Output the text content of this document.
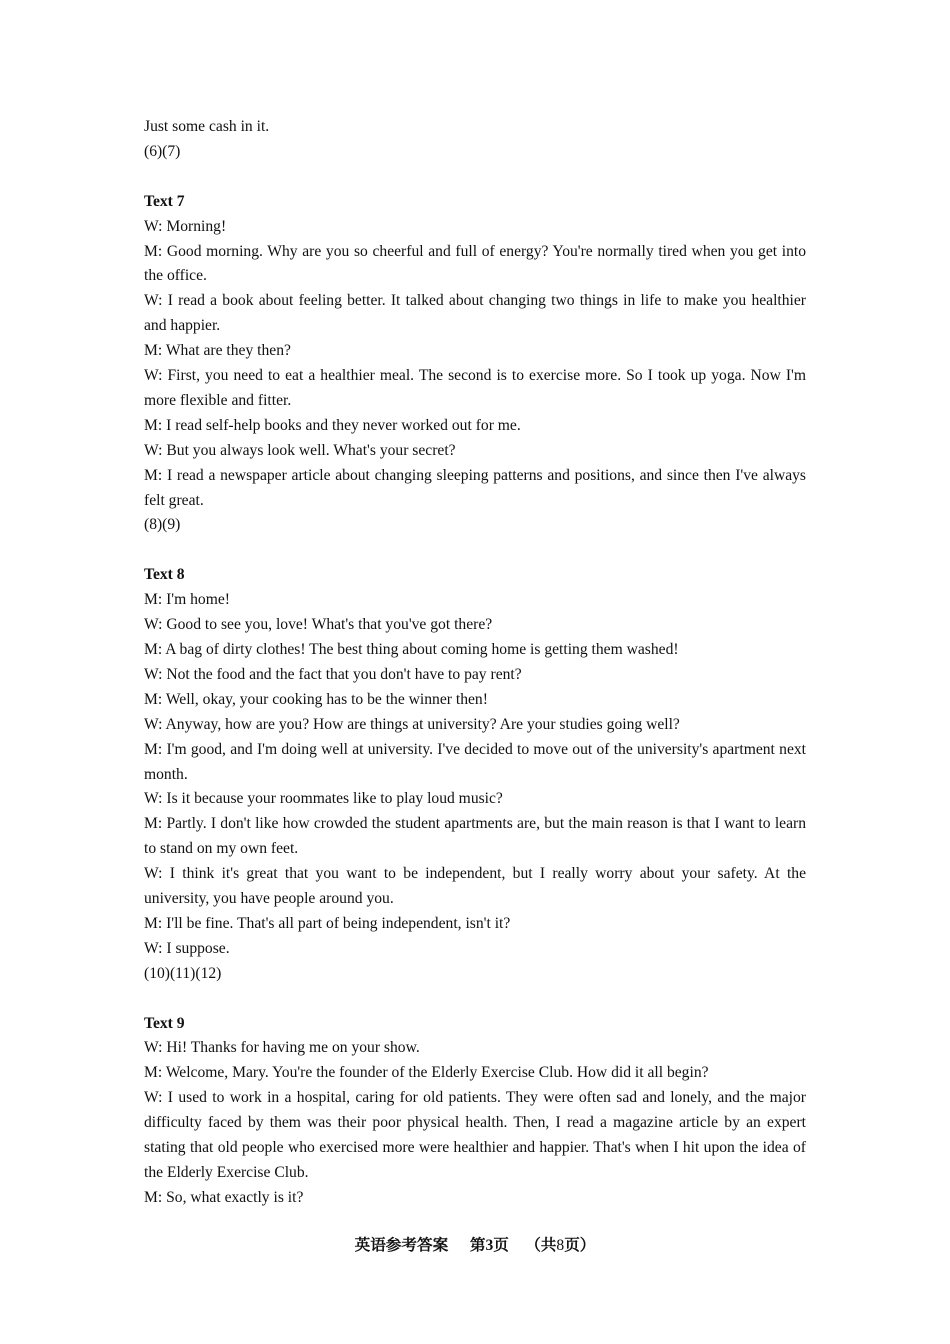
Just some cash in it.

(6)(7)

Text 7

W: Morning!

M: Good morning. Why are you so cheerful and full of energy? You're normally tired when you get into the office.

W: I read a book about feeling better. It talked about changing two things in life to make you healthier and happier.

M: What are they then?

W: First, you need to eat a healthier meal. The second is to exercise more. So I took up yoga. Now I'm more flexible and fitter.

M: I read self-help books and they never worked out for me.

W: But you always look well. What's your secret?

M: I read a newspaper article about changing sleeping patterns and positions, and since then I've always felt great.

(8)(9)

Text 8

M: I'm home!

W: Good to see you, love! What's that you've got there?

M: A bag of dirty clothes! The best thing about coming home is getting them washed!

W: Not the food and the fact that you don't have to pay rent?

M: Well, okay, your cooking has to be the winner then!

W: Anyway, how are you? How are things at university? Are your studies going well?

M: I'm good, and I'm doing well at university. I've decided to move out of the university's apartment next month.

W: Is it because your roommates like to play loud music?

M: Partly. I don't like how crowded the student apartments are, but the main reason is that I want to learn to stand on my own feet.

W: I think it's great that you want to be independent, but I really worry about your safety. At the university, you have people around you.

M: I'll be fine. That's all part of being independent, isn't it?

W: I suppose.

(10)(11)(12)

Text 9

W: Hi! Thanks for having me on your show.

M: Welcome, Mary. You're the founder of the Elderly Exercise Club. How did it all begin?

W: I used to work in a hospital, caring for old patients. They were often sad and lonely, and the major difficulty faced by them was their poor physical health. Then, I read a magazine article by an expert stating that old people who exercised more were healthier and happier. That's when I hit upon the idea of the Elderly Exercise Club.

M: So, what exactly is it?

英语参考答案 第3页 （共8页）
